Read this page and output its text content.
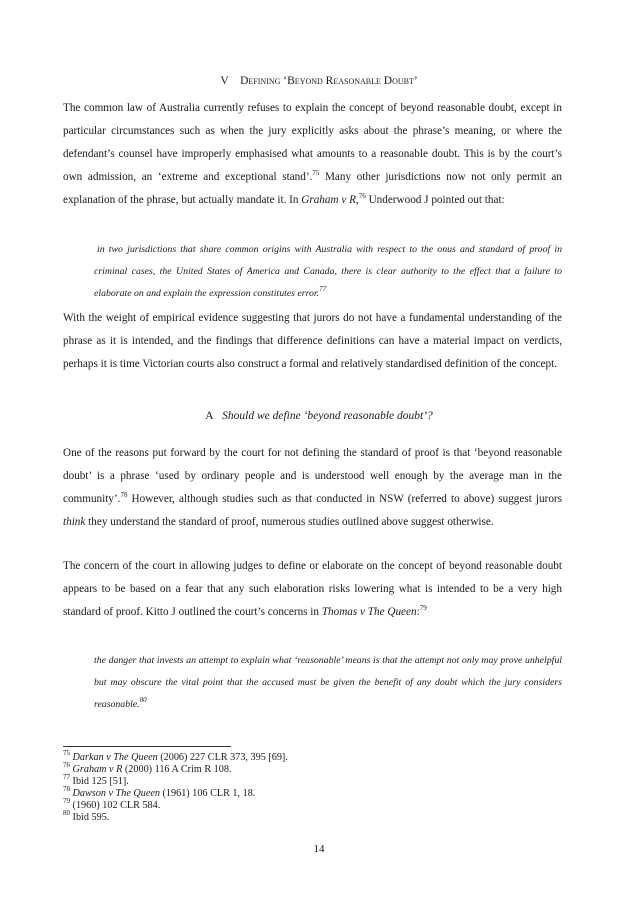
V Defining ‘Beyond Reasonable Doubt’

The common law of Australia currently refuses to explain the concept of beyond reasonable doubt, except in particular circumstances such as when the jury explicitly asks about the phrase’s meaning, or where the defendant’s counsel have improperly emphasised what amounts to a reasonable doubt. This is by the court’s own admission, an ‘extreme and exceptional stand’.$^{75}$ Many other jurisdictions now not only permit an explanation of the phrase, but actually mandate it. In Graham v R,$^{76}$ Underwood J pointed out that:

in two jurisdictions that share common origins with Australia with respect to the onus and standard of proof in criminal cases, the United States of America and Canada, there is clear authority to the effect that a failure to elaborate on and explain the expression constitutes error.$^{77}$

With the weight of empirical evidence suggesting that jurors do not have a fundamental understanding of the phrase as it is intended, and the findings that difference definitions can have a material impact on verdicts, perhaps it is time Victorian courts also construct a formal and relatively standardised definition of the concept.

A Should we define ‘beyond reasonable doubt’?

One of the reasons put forward by the court for not defining the standard of proof is that ‘beyond reasonable doubt’ is a phrase ‘used by ordinary people and is understood well enough by the average man in the community’.$^{78}$ However, although studies such as that conducted in NSW (referred to above) suggest jurors think they understand the standard of proof, numerous studies outlined above suggest otherwise.

The concern of the court in allowing judges to define or elaborate on the concept of beyond reasonable doubt appears to be based on a fear that any such elaboration risks lowering what is intended to be a very high standard of proof. Kitto J outlined the court’s concerns in Thomas v The Queen:$^{79}$

the danger that invests an attempt to explain what ‘reasonable’ means is that the attempt not only may prove unhelpful but may obscure the vital point that the accused must be given the benefit of any doubt which the jury considers reasonable.$^{80}$

$^{75}$ Darkan v The Queen (2006) 227 CLR 373, 395 [69].
$^{76}$ Graham v R (2000) 116 A Crim R 108.
$^{77}$ Ibid 125 [51].
$^{78}$ Dawson v The Queen (1961) 106 CLR 1, 18.
$^{79}$ (1960) 102 CLR 584.
$^{80}$ Ibid 595.
14
